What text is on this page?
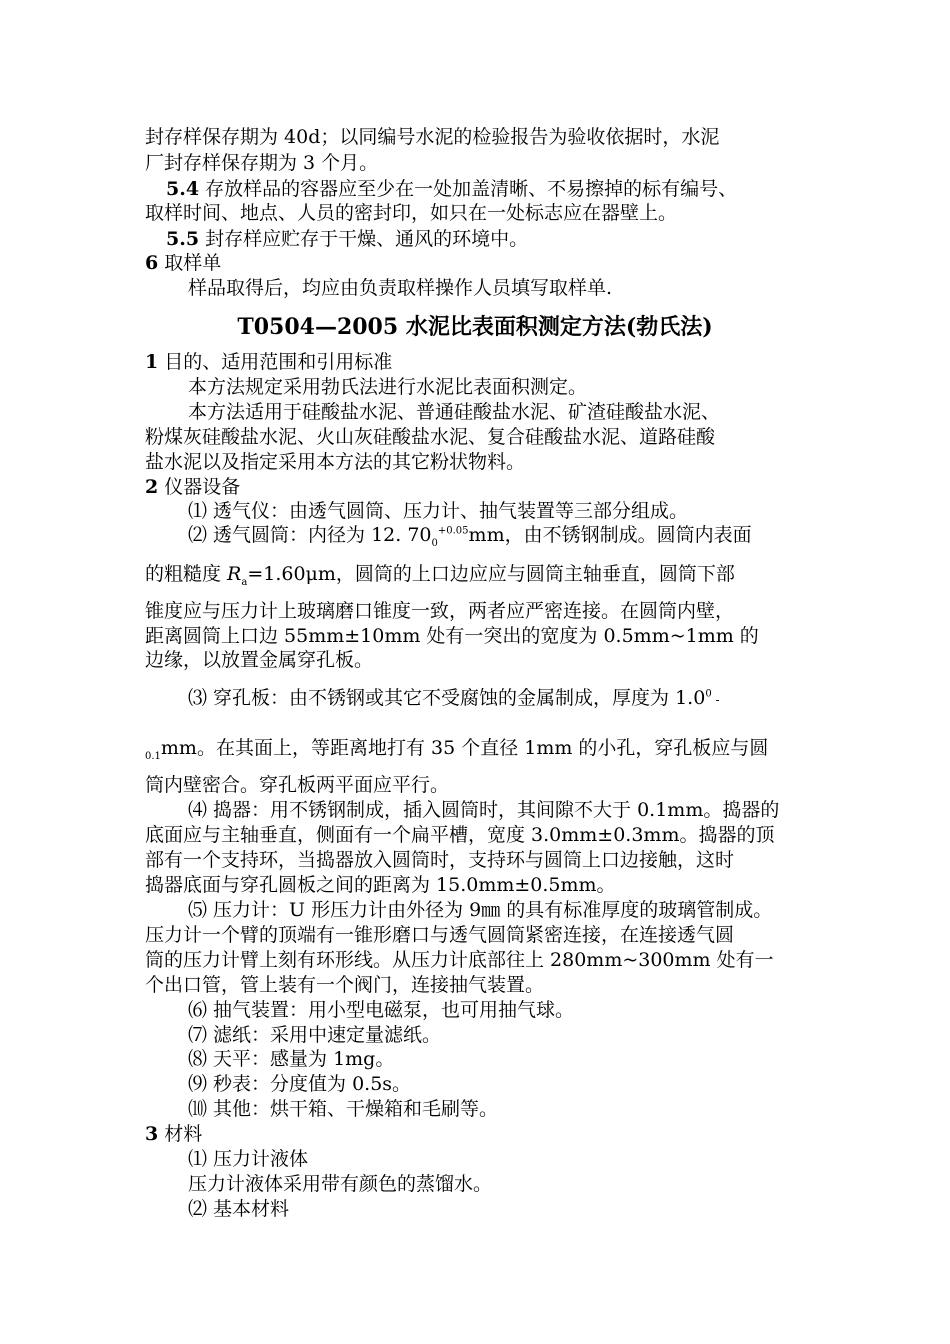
封存样保存期为 40d；以同编号水泥的检验报告为验收依据时，水泥
厂封存样保存期为 3 个月。
5.4 存放样品的容器应至少在一处加盖清晰、不易擦掉的标有编号、
取样时间、地点、人员的密封印，如只在一处标志应在器壁上。
5.5 封存样应贮存于干燥、通风的环境中。
6 取样单
样品取得后，均应由负责取样操作人员填写取样单.
T0504—2005 水泥比表面积测定方法(勃氏法)
1 目的、适用范围和引用标准
本方法规定采用勃氏法进行水泥比表面积测定。
本方法适用于硅酸盐水泥、普通硅酸盐水泥、矿渣硅酸盐水泥、
粉煤灰硅酸盐水泥、火山灰硅酸盐水泥、复合硅酸盐水泥、道路硅酸
盐水泥以及指定采用本方法的其它粉状物料。
2 仪器设备
⑴ 透气仪：由透气圆筒、压力计、抽气装置等三部分组成。
⑵ 透气圆筒：内径为 12. $70_0^{+0.05}mm$，由不锈钢制成。圆筒内表面
的粗糙度 $R_a=1.60\mu m$，圆筒的上口边应应与圆筒主轴垂直，圆筒下部
锥度应与压力计上玻璃磨口锥度一致，两者应严密连接。在圆筒内壁，
距离圆筒上口边 55mm±10mm 处有一突出的宽度为 0.5mm~1mm 的
边缘，以放置金属穿孔板。
⑶ 穿孔板：由不锈钢或其它不受腐蚀的金属制成，厚度为 $1.0^0$ -
$_{0.1}$mm。在其面上，等距离地打有 35 个直径 1mm 的小孔，穿孔板应与圆
筒内壁密合。穿孔板两平面应平行。
⑷ 捣器：用不锈钢制成，插入圆筒时，其间隙不大于 0.1mm。捣器的
底面应与主轴垂直，侧面有一个扁平槽，宽度 3.0mm±0.3mm。捣器的顶
部有一个支持环，当捣器放入圆筒时，支持环与圆筒上口边接触，这时
捣器底面与穿孔圆板之间的距离为 15.0mm±0.5mm。
⑸ 压力计：U 形压力计由外径为 9㎜ 的具有标准厚度的玻璃管制成。
压力计一个臂的顶端有一锥形磨口与透气圆筒紧密连接，在连接透气圆
筒的压力计臂上刻有环形线。从压力计底部往上 280mm~300mm 处有一
个出口管，管上装有一个阀门，连接抽气装置。
⑹ 抽气装置：用小型电磁泵，也可用抽气球。
⑺ 滤纸：采用中速定量滤纸。
⑻ 天平：感量为 1mg。
⑼ 秒表：分度值为 0.5s。
⑽ 其他：烘干箱、干燥箱和毛刷等。
3 材料
⑴ 压力计液体
压力计液体采用带有颜色的蒸馏水。
⑵ 基本材料
